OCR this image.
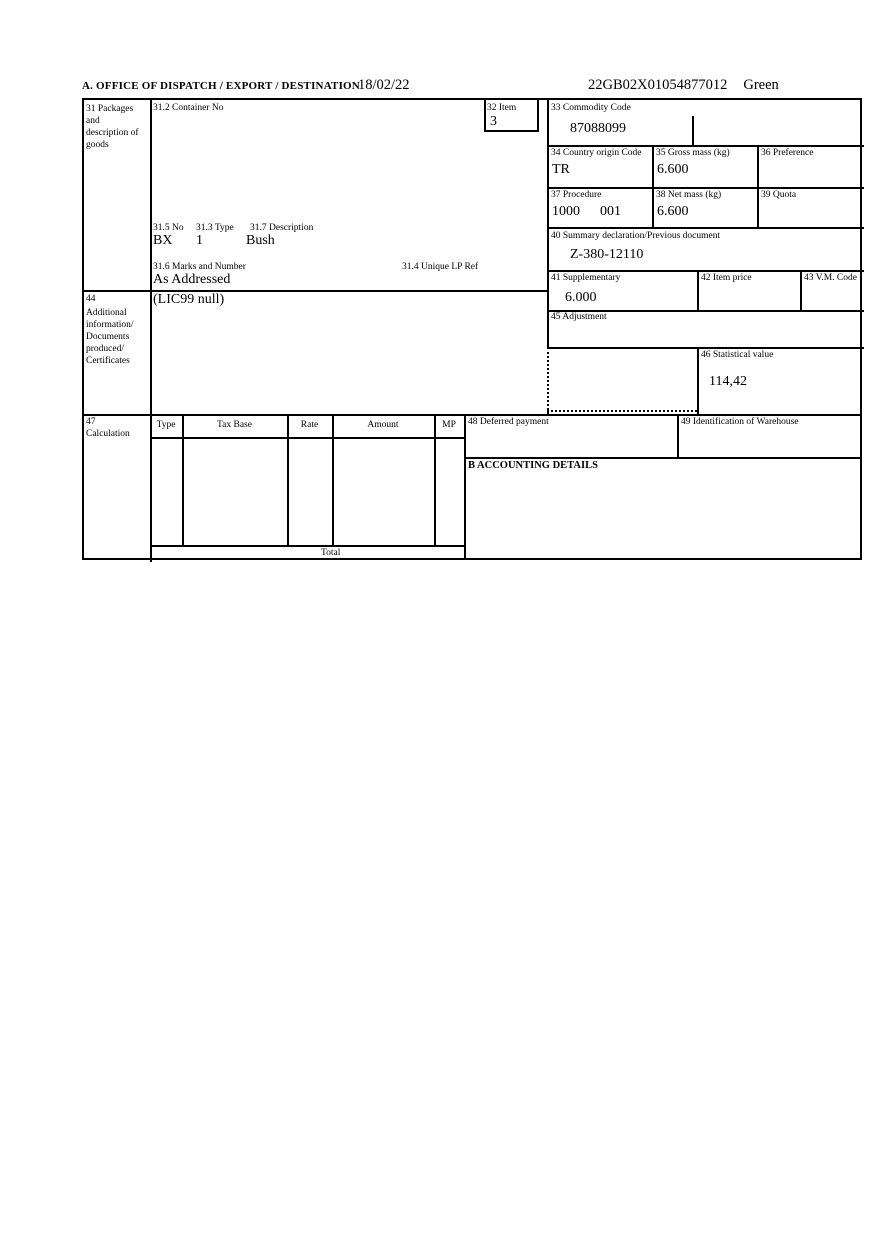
A. OFFICE OF DISPATCH / EXPORT / DESTINATION
18/02/22	22GB02X01054877012 Green
31 Packages and description of goods
44
Additional information/ Documents produced/ Certificates
47
Calculation
31.2 Container No	32 Item
3
31.5 No 31.3 Type 31.7 Description
BX 1	Bush
31.6 Marks and Number	31.4 Unique LP Ref
As Addressed
(LIC99 null)
33 Commodity Code
87088099
34 Country origin Code
TR
35 Gross mass (kg)
6.600
36 Preference
37 Procedure
1000 001
38 Net mass (kg)
6.600
39 Quota
40 Summary declaration/Previous document
Z-380-12110
41 Supplementary
6.000
42 Item price	43 V.M. Code
45 Adjustment
46 Statistical value
114,42
Type	Tax Base	Rate	Amount	MP
Total
48 Deferred payment	49 Identification of Warehouse
B ACCOUNTING DETAILS
